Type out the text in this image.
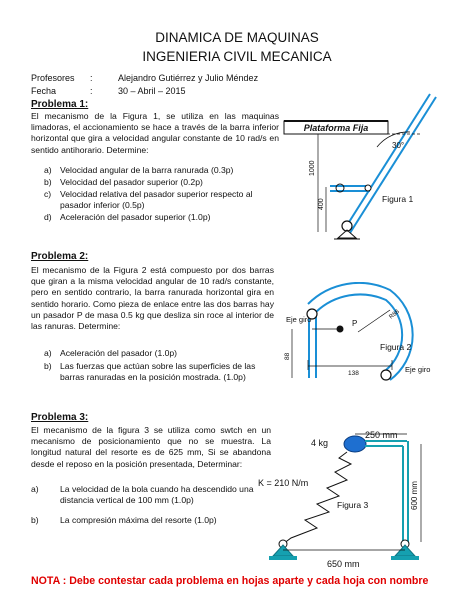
DINAMICA DE MAQUINAS
INGENIERIA CIVIL MECANICA
Profesores :	Alejandro Gutiérrez y Julio Méndez
Fecha	:	30 – Abril – 2015
Problema 1:
El mecanismo de la Figura 1, se utiliza en las maquinas limadoras, el accionamiento se hace a través de la barra inferior horizontal que gira a velocidad angular constante de 10 rad/s en sentido antihorario. Determine:
a) Velocidad angular de la barra ranurada (0.3p)
b) Velocidad del pasador superior (0.2p)
c) Velocidad relativa del pasador superior respecto al pasador inferior (0.5p)
d) Aceleración del pasador superior (1.0p)
Plataforma Fija
30°
1000
400	Figura 1
Problema 2:
El mecanismo de la Figura 2 está compuesto por dos barras que giran a la misma velocidad angular de 10 rad/s constante, pero en sentido contrario, la barra ranurada horizontal gira en sentido horario. Como pieza de enlace entre las dos barras hay un pasador P de masa 0.5 kg que desliza sin roce al interior de las ranuras. Determine:
a) Aceleración del pasador (1.0p)
b) Las fuerzas que actúan sobre las superficies de las barras ranuradas en la posición mostrada. (1.0p)
P
R88
Eje giro
Figura 2
88
Eje giro
138
Problema 3:
El mecanismo de la figura 3 se utiliza como swtch en un mecanismo de posicionamiento que no se muestra. La longitud natural del resorte es de 625 mm, Si se abandona desde el reposo en la posición presentada, Determinar:
a) La velocidad de la bola cuando ha descendido una distancia vertical de 100 mm (1.0p)
b) La compresión máxima del resorte (1.0p)
4 kg
250 mm
600 mm
K = 210 N/m
Figura 3
650 mm
NOTA : Debe contestar cada problema en hojas aparte y cada hoja con nombre
